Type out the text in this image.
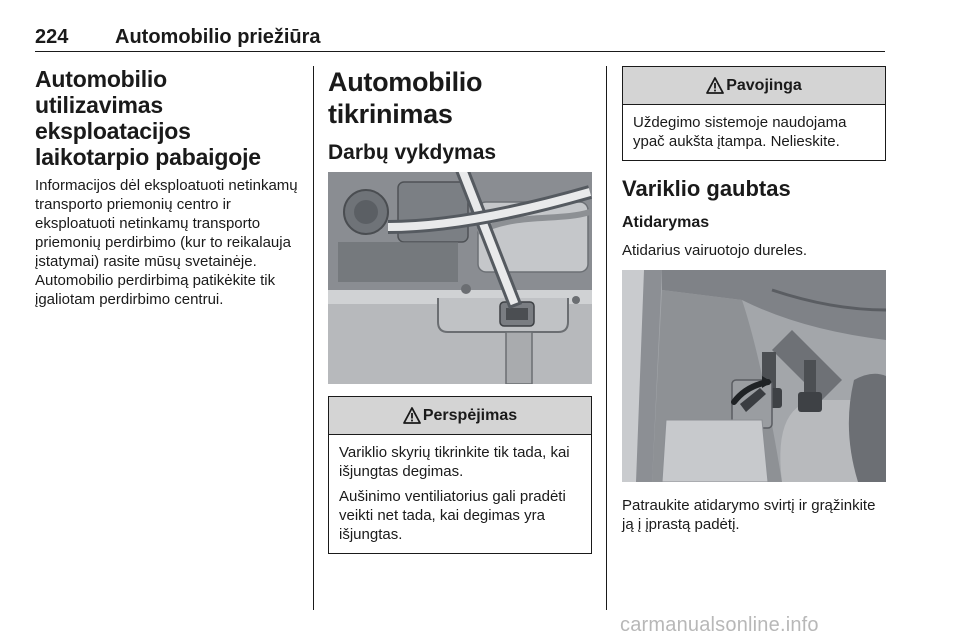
224 Automobilio priežiūra
Automobilio utilizavimas eksploatacijos laikotarpio pabaigoje
Informacijos dėl eksploatuoti netinkamų transporto priemonių centro ir eksploatuoti netinkamų transporto priemonių perdirbimo (kur to reikalauja įstatymai) rasite mūsų svetainėje. Automobilio perdirbimą patikėkite tik įgaliotam perdirbimo centrui.
Automobilio tikrinimas
Darbų vykdymas
Perspėjimas

Variklio skyrių tikrinkite tik tada, kai išjungtas degimas.

Aušinimo ventiliatorius gali pradėti veikti net tada, kai degimas yra išjungtas.

Pavojinga

Uždegimo sistemoje naudojama ypač aukšta įtampa. Nelieskite.

Variklio gaubtas
Atidarymas
Atidarius vairuotojo dureles.
Patraukite atidarymo svirtį ir grąžinkite ją į įprastą padėtį.
carmanualsonline.info
